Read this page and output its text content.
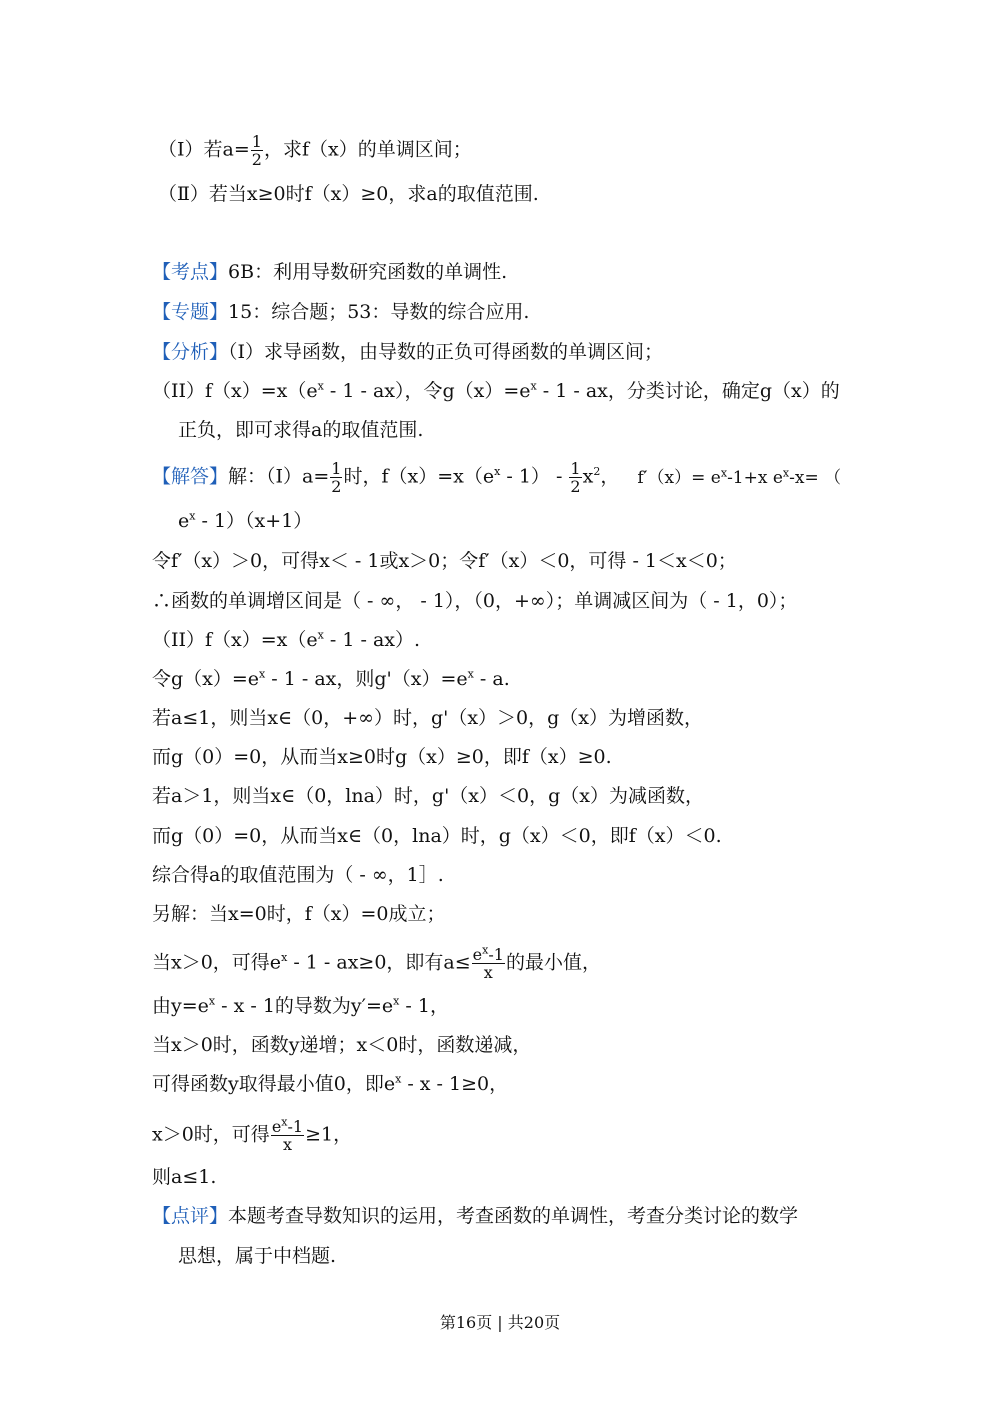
（Ⅰ）若$a= \frac{1}{2}$ ，求f（x）的单调区间；
（Ⅱ）若当x≥0时f（x）≥0，求a的取值范围.
【考点】6B：利用导数研究函数的单调性.
【专题】15：综合题；53：导数的综合应用.
【分析】（I）求导函数，由导数的正负可得函数的单调区间；
$(II)f(x)=x(e^x - 1 - ax)$，令$g(x)=e^x - 1$ - ax，分类讨论，确定g（x）的
正负，即可求得a的取值范围.
【解答】解：$(I)a= \frac{1}{2}$ 时，$f(x)=x(e^x - 1) - \frac{1}{2} x^2$， $f'(x)= e^x-1+x$ $e^x-x=$ （
$e^x - 1)(x+1)$
令f′（x）＞0，可得x＜ - 1或x＞0；令f′（x）＜0，可得 - 1＜x＜0；
∴函数的单调增区间是（ - ∞， - 1），（0，+∞）；单调减区间为（ - 1，0）；
$(II)f(x)=x(e^x - 1 - ax)$.
令$g(x)=e^x - 1$ - ax，则$g'(x)=e^x - a$.
若a≤1，则当x∈（0，+∞）时，g'（x）＞0，g（x）为增函数，
而g（0）=0，从而当x≥0时g（x）≥0，即f（x）≥0.
若a＞1，则当x∈（0，lna）时，g'（x）＜0，g（x）为减函数，
而g（0）=0，从而当x∈（0，lna）时，g（x）＜0，即f（x）＜0.
综合得a的取值范围为（ - ∞，1］.
另解：当x=0时，f（x）=0成立；
当x＞0，可得$e^x - 1 - ax\ge 0$，即有$a\le \frac{e^x-1}{x}$ 的最小值，
由$y=e^x - x - 1$的导数为$y'=e^x - 1$，
当x＞0时，函数y递增；x＜0时，函数递减，
可得函数y取得最小值0，即$e^x - x - 1\ge 0$，
x＞0时，可得 $\frac{e^x-1}{x} \ge 1$，
则a≤1.
【点评】本题考查导数知识的运用，考查函数的单调性，考查分类讨论的数学
思想，属于中档题.
第16页 | 共20页
